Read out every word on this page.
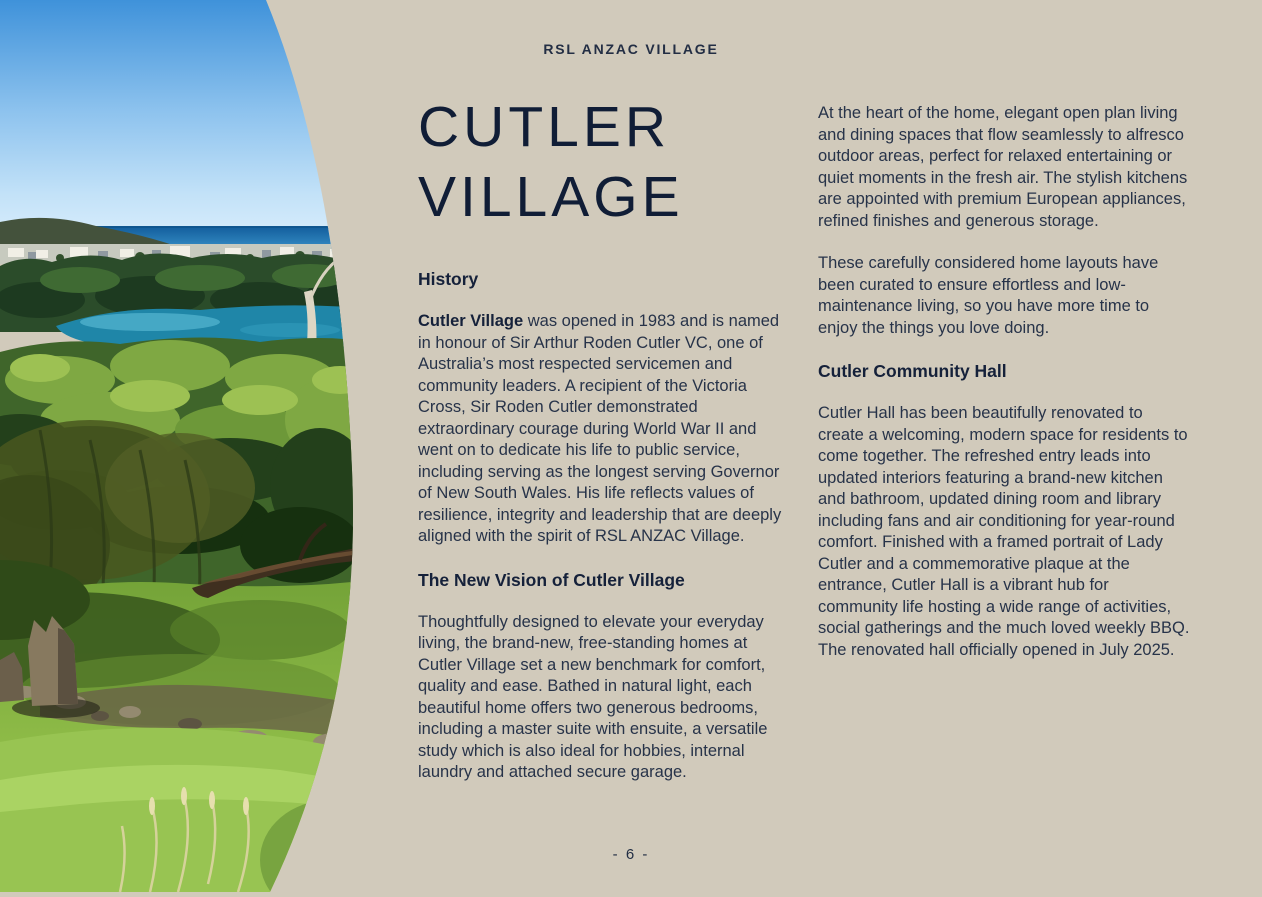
RSL ANZAC VILLAGE
CUTLER
VILLAGE
History

Cutler Village was opened in 1983 and is named in honour of Sir Arthur Roden Cutler VC, one of Australia’s most respected servicemen and community leaders. A recipient of the Victoria Cross, Sir Roden Cutler demonstrated extraordinary courage during World War II and went on to dedicate his life to public service, including serving as the longest serving Governor of New South Wales. His life reflects values of resilience, integrity and leadership that are deeply aligned with the spirit of RSL ANZAC Village.

The New Vision of Cutler Village

Thoughtfully designed to elevate your everyday living, the brand-new, free-standing homes at Cutler Village set a new benchmark for comfort, quality and ease. Bathed in natural light, each beautiful home offers two generous bedrooms, including a master suite with ensuite, a versatile study which is also ideal for hobbies, internal laundry and attached secure garage.

At the heart of the home, elegant open plan living and dining spaces that flow seamlessly to alfresco outdoor areas, perfect for relaxed entertaining or quiet moments in the fresh air. The stylish kitchens are appointed with premium European appliances, refined finishes and generous storage.

These carefully considered home layouts have been curated to ensure effortless and low-maintenance living, so you have more time to enjoy the things you love doing.

Cutler Community Hall

Cutler Hall has been beautifully renovated to create a welcoming, modern space for residents to come together. The refreshed entry leads into updated interiors featuring a brand-new kitchen and bathroom, updated dining room and library including fans and air conditioning for year-round comfort. Finished with a framed portrait of Lady Cutler and a commemorative plaque at the entrance, Cutler Hall is a vibrant hub for community life hosting a wide range of activities, social gatherings and the much loved weekly BBQ. The renovated hall officially opened in July 2025.

- 6 -
